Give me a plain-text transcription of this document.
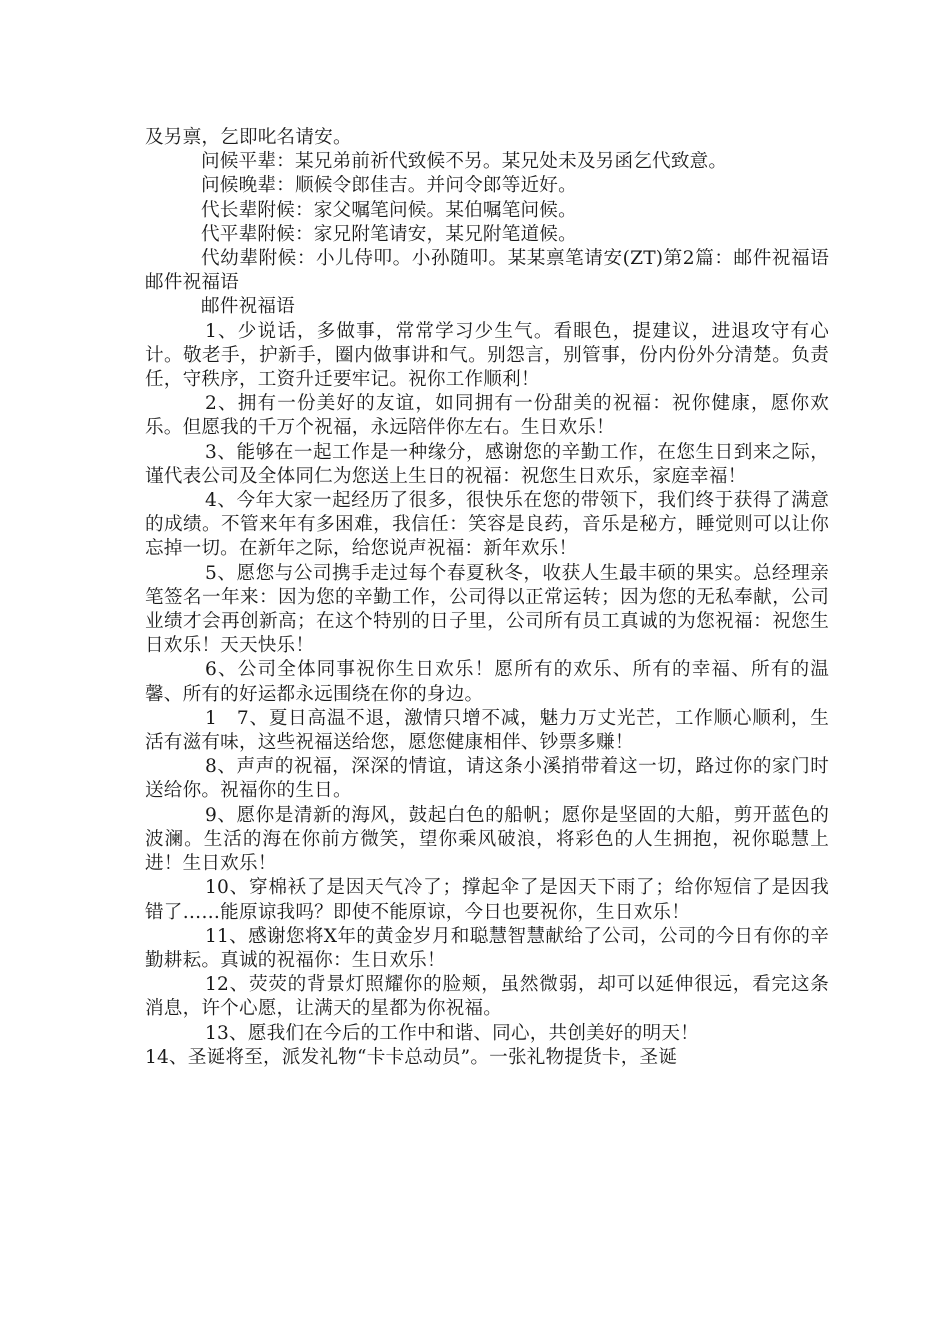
及另禀，乞即叱名请安。

问候平辈：某兄弟前祈代致候不另。某兄处未及另函乞代致意。

问候晚辈：顺候令郎佳吉。并问令郎等近好。

代长辈附候：家父嘱笔问候。某伯嘱笔问候。

代平辈附候：家兄附笔请安，某兄附笔道候。

代幼辈附候：小儿侍叩。小孙随叩。某某禀笔请安(ZT)第2篇：邮件祝福语邮件祝福语

邮件祝福语

1、少说话，多做事，常常学习少生气。看眼色，提建议，进退攻守有心计。敬老手，护新手，圈内做事讲和气。别怨言，别管事，份内份外分清楚。负责任，守秩序，工资升迁要牢记。祝你工作顺利！

2、拥有一份美好的友谊，如同拥有一份甜美的祝福：祝你健康，愿你欢乐。但愿我的千万个祝福，永远陪伴你左右。生日欢乐！

3、能够在一起工作是一种缘分，感谢您的辛勤工作，在您生日到来之际，谨代表公司及全体同仁为您送上生日的祝福：祝您生日欢乐，家庭幸福！

4、今年大家一起经历了很多，很快乐在您的带领下，我们终于获得了满意的成绩。不管来年有多困难，我信任：笑容是良药，音乐是秘方，睡觉则可以让你忘掉一切。在新年之际，给您说声祝福：新年欢乐！

5、愿您与公司携手走过每个春夏秋冬，收获人生最丰硕的果实。总经理亲笔签名一年来：因为您的辛勤工作，公司得以正常运转；因为您的无私奉献，公司业绩才会再创新高；在这个特别的日子里，公司所有员工真诚的为您祝福：祝您生日欢乐！天天快乐！

6、公司全体同事祝你生日欢乐！愿所有的欢乐、所有的幸福、所有的温馨、所有的好运都永远围绕在你的身边。

1　7、夏日高温不退，激情只增不减，魅力万丈光芒，工作顺心顺利，生活有滋有味，这些祝福送给您，愿您健康相伴、钞票多赚！

8、声声的祝福，深深的情谊，请这条小溪捎带着这一切，路过你的家门时送给你。祝福你的生日。

9、愿你是清新的海风，鼓起白色的船帆；愿你是坚固的大船，剪开蓝色的波澜。生活的海在你前方微笑，望你乘风破浪，将彩色的人生拥抱，祝你聪慧上进！生日欢乐！

10、穿棉袄了是因天气冷了；撑起伞了是因天下雨了；给你短信了是因我错了……能原谅我吗？即使不能原谅，今日也要祝你，生日欢乐！

11、感谢您将X年的黄金岁月和聪慧智慧献给了公司，公司的今日有你的辛勤耕耘。真诚的祝福你：生日欢乐！

12、荧荧的背景灯照耀你的脸颊，虽然微弱，却可以延伸很远，看完这条消息，许个心愿，让满天的星都为你祝福。

13、愿我们在今后的工作中和谐、同心，共创美好的明天！

14、圣诞将至，派发礼物“卡卡总动员”。一张礼物提货卡，圣诞
